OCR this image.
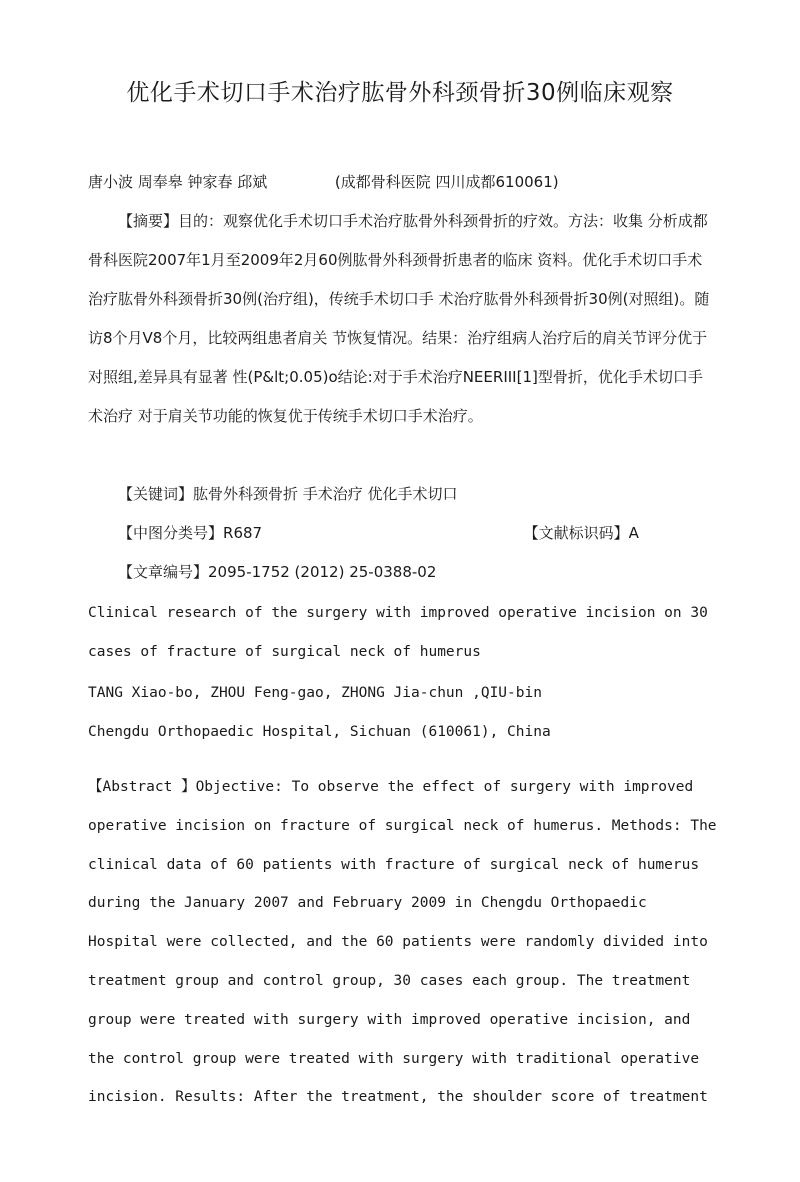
优化手术切口手术治疗肱骨外科颈骨折30例临床观察
唐小波 周奉皋 钟家春 邱斌	(成都骨科医院 四川成都610061)
【摘要】目的：观察优化手术切口手术治疗肱骨外科颈骨折的疗效。方法：收集 分析成都骨科医院2007年1月至2009年2月60例肱骨外科颈骨折患者的临床 资料。优化手术切口手术治疗肱骨外科颈骨折30例(治疗组)，传统手术切口手 术治疗肱骨外科颈骨折30例(对照组)。随访8个月V8个月，比较两组患者肩关 节恢复情况。结果：治疗组病人治疗后的肩关节评分优于对照组,差异具有显著 性(P&lt;0.05)o结论:对于手术治疗NEERIII[1]型骨折，优化手术切口手术治疗 对于肩关节功能的恢复优于传统手术切口手术治疗。
【关键词】肱骨外科颈骨折 手术治疗 优化手术切口
【中图分类号】R687	【文献标识码】A
【文章编号】2095-1752 (2012) 25-0388-02
Clinical research of the surgery with improved operative incision on 30 cases of fracture of surgical neck of humerus
TANG Xiao-bo, ZHOU Feng-gao, ZHONG Jia-chun ,QIU-bin
Chengdu Orthopaedic Hospital, Sichuan (610061), China
【Abstract 】Objective: To observe the effect of surgery with improved operative incision on fracture of surgical neck of humerus. Methods: The clinical data of 60 patients with fracture of surgical neck of humerus during the January 2007 and February 2009 in Chengdu Orthopaedic Hospital were collected, and the 60 patients were randomly divided into treatment group and control group, 30 cases each group. The treatment group were treated with surgery with improved operative incision, and the control group were treated with surgery with traditional operative incision. Results: After the treatment, the shoulder score of treatment
